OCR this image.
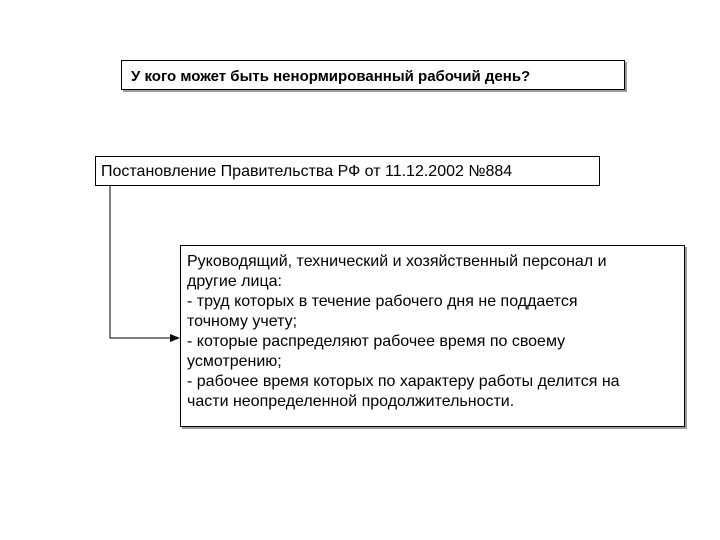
У кого может быть ненормированный рабочий день?
Постановление Правительства РФ от 11.12.2002 №884
Руководящий, технический и хозяйственный персонал и
другие лица:
- труд которых в течение рабочего дня не поддается
точному учету;
- которые распределяют рабочее время по своему
усмотрению;
- рабочее время которых по характеру работы делится на
части неопределенной продолжительности.
